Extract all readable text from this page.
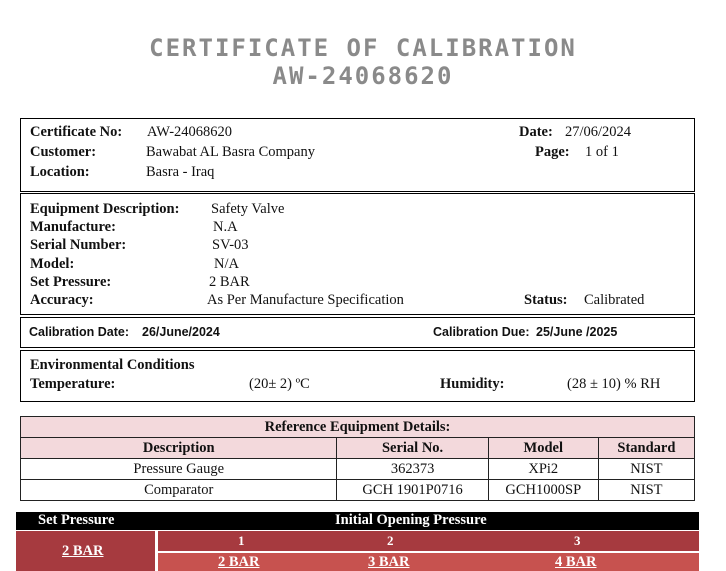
CERTIFICATE OF CALIBRATION
AW-24068620
Certificate No: AW-24068620
Customer:	Bawabat AL Basra Company
Location:	Basra - Iraq
Date: 27/06/2024
Page: 1 of 1
Equipment Description: Safety Valve
Manufacture:	N.A
Serial Number:	SV-03
Model:	N/A
Set Pressure:	2 BAR
Accuracy:	As Per Manufacture Specification	Status: Calibrated
Calibration Date: 26/June/2024	Calibration Due: 25/June /2025
Environmental Conditions
Temperature:	(20± 2) ºC	Humidity:	(28 ± 10) % RH
Reference Equipment Details:			
Description	Serial No.	Model	Standard
Pressure Gauge	362373	XPi2	NIST
Comparator	GCH 1901P0716	GCH1000SP	NIST
Set Pressure	Initial Opening Pressure
2 BAR
1	2	3
2 BAR	3 BAR	4 BAR
